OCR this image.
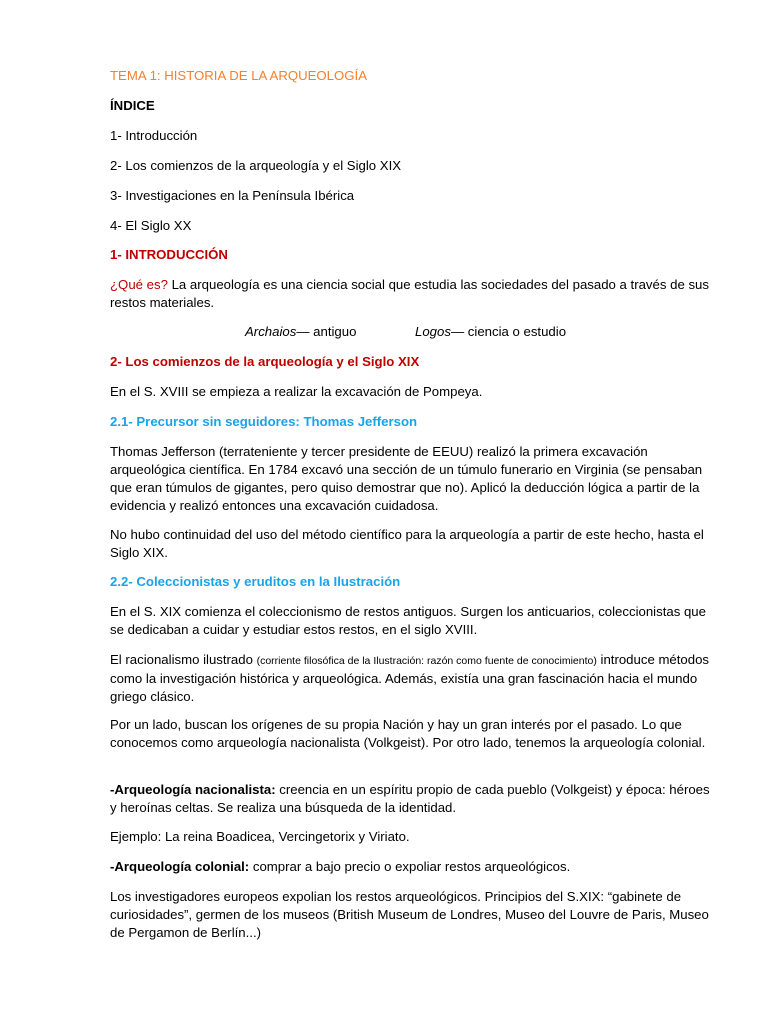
TEMA 1: HISTORIA DE LA ARQUEOLOGÍA
ÍNDICE
1- Introducción
2- Los comienzos de la arqueología y el Siglo XIX
3- Investigaciones en la Península Ibérica
4- El Siglo XX
1- INTRODUCCIÓN
¿Qué es? La arqueología es una ciencia social que estudia las sociedades del pasado a través de sus restos materiales.
Archaios— antiguo	Logos— ciencia o estudio
2- Los comienzos de la arqueología y el Siglo XIX
En el S. XVIII se empieza a realizar la excavación de Pompeya.
2.1- Precursor sin seguidores: Thomas Jefferson
Thomas Jefferson (terrateniente y tercer presidente de EEUU) realizó la primera excavación arqueológica científica. En 1784 excavó una sección de un túmulo funerario en Virginia (se pensaban que eran túmulos de gigantes, pero quiso demostrar que no). Aplicó la deducción lógica a partir de la evidencia y realizó entonces una excavación cuidadosa.
No hubo continuidad del uso del método científico para la arqueología a partir de este hecho, hasta el Siglo XIX.
2.2- Coleccionistas y eruditos en la Ilustración
En el S. XIX comienza el coleccionismo de restos antiguos. Surgen los anticuarios, coleccionistas que se dedicaban a cuidar y estudiar estos restos, en el siglo XVIII.
El racionalismo ilustrado (corriente filosófica de la Ilustración: razón como fuente de conocimiento) introduce métodos como la investigación histórica y arqueológica. Además, existía una gran fascinación hacia el mundo griego clásico.
Por un lado, buscan los orígenes de su propia Nación y hay un gran interés por el pasado. Lo que conocemos como arqueología nacionalista (Volkgeist). Por otro lado, tenemos la arqueología colonial.
-Arqueología nacionalista: creencia en un espíritu propio de cada pueblo (Volkgeist) y época: héroes y heroínas celtas. Se realiza una búsqueda de la identidad.
Ejemplo: La reina Boadicea, Vercingetorix y Viriato.
-Arqueología colonial: comprar a bajo precio o expoliar restos arqueológicos.
Los investigadores europeos expolian los restos arqueológicos. Principios del S.XIX: “gabinete de curiosidades”, germen de los museos (British Museum de Londres, Museo del Louvre de Paris, Museo de Pergamon de Berlín...)
